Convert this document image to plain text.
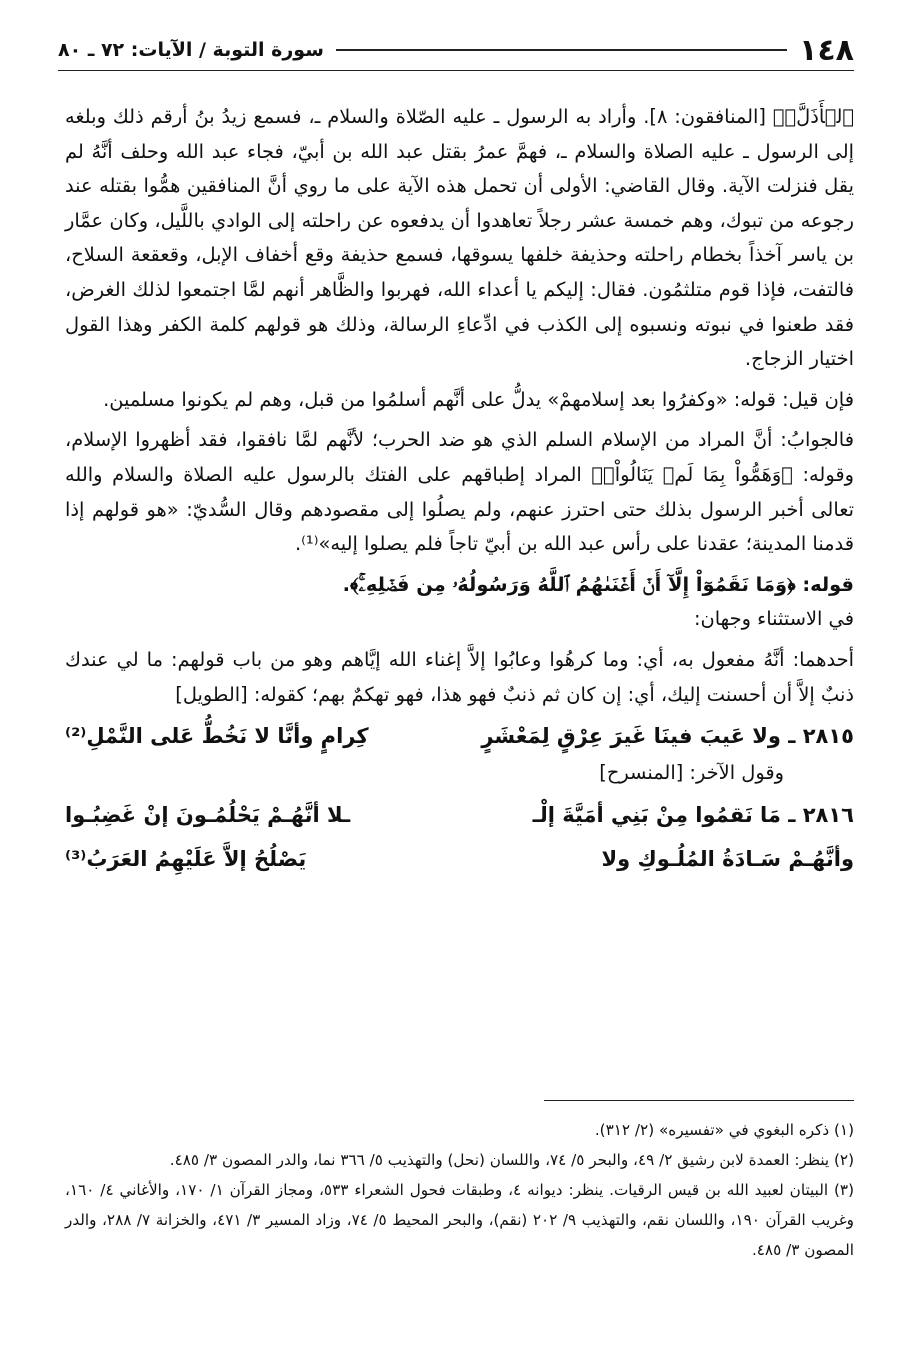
١٤٨
سورة التوبة / الآيات: ٧٢ ـ ٨٠

ٱلۡأَذَلَّۚ﴾ [المنافقون: ٨]. وأراد به الرسول ـ عليه الصّلاة والسلام ـ، فسمع زيدُ بنُ أرقم ذلك وبلغه إلى الرسول ـ عليه الصلاة والسلام ـ، فهمَّ عمرُ بقتل عبد الله بن أبيّ، فجاء عبد الله وحلف أنَّهُ لم يقل فنزلت الآية. وقال القاضي: الأولى أن تحمل هذه الآية على ما روي أنَّ المنافقين همُّوا بقتله عند رجوعه من تبوك، وهم خمسة عشر رجلاً تعاهدوا أن يدفعوه عن راحلته إلى الوادي باللَّيل، وكان عمَّار بن ياسر آخذاً بخطام راحلته وحذيفة خلفها يسوقها، فسمع حذيفة وقع أخفاف الإبل، وقعقعة السلاح، فالتفت، فإذا قوم متلثمُون. فقال: إليكم يا أعداء الله، فهربوا والظَّاهر أنهم لمَّا اجتمعوا لذلك الغرض، فقد طعنوا في نبوته ونسبوه إلى الكذب في ادِّعاءِ الرسالة، وذلك هو قولهم كلمة الكفر وهذا القول اختيار الزجاج.

فإن قيل: قوله: «وكفرُوا بعد إسلامهمْ» يدلُّ على أنَّهم أسلمُوا من قبل، وهم لم يكونوا مسلمين.

فالجوابُ: أنَّ المراد من الإسلام السلم الذي هو ضد الحرب؛ لأنَّهم لمَّا نافقوا، فقد أظهروا الإسلام، وقوله: ﴿وَهَمُّواْ بِمَا لَمۡ يَنَالُواْۚ﴾ المراد إطباقهم على الفتك بالرسول عليه الصلاة والسلام والله تعالى أخبر الرسول بذلك حتى احترز عنهم، ولم يصلُوا إلى مقصودهم وقال السُّديّ: «هو قولهم إذا قدمنا المدينة؛ عقدنا على رأس عبد الله بن أبيّ تاجاً فلم يصلوا إليه»⁽¹⁾.

قوله: ﴿وَمَا نَقَمُوٓاْ إِلَّآ أَنۡ أَغۡنَىٰهُمُ ٱللَّهُ وَرَسُولُهُۥ مِن فَضۡلِهِۦۚ﴾.

في الاستثناء وجهان:

أحدهما: أنَّهُ مفعول به، أي: وما كرهُوا وعابُوا إلاَّ إغناء الله إيَّاهم وهو من باب قولهم: ما لي عندك ذنبٌ إلاَّ أن أحسنت إليك، أي: إن كان ثم ذنبٌ فهو هذا، فهو تهكمٌ بهم؛ كقوله: [الطويل]

٢٨١٥ ـ ولا عَيبَ فينَا غَيرَ عِرْقٍ لِمَعْشَرٍ
كِرامٍ وأنَّا لا نَخُطُّ عَلى النَّمْلِ⁽²⁾

وقول الآخر: [المنسرح]

٢٨١٦ ـ مَا نَقمُوا مِنْ بَنِي أمَيَّةَ إلْـ
ـلا أنَّهُـمْ يَحْلُمُـونَ إنْ غَضِبُـوا
وأنَّهُـمْ سَـادَةُ المُلُـوكِ ولا
يَصْلُحُ إلاَّ عَلَيْهِمُ العَرَبُ⁽³⁾

(١) ذكره البغوي في «تفسيره» (٢/ ٣١٢).

(٢) ينظر: العمدة لابن رشيق ٢/ ٤٩، والبحر ٥/ ٧٤، واللسان (نحل) والتهذيب ٥/ ٣٦٦ نما، والدر المصون ٣/ ٤٨٥.

(٣) البيتان لعبيد الله بن قيس الرقيات. ينظر: ديوانه ٤، وطبقات فحول الشعراء ٥٣٣، ومجاز القرآن ١/ ١٧٠، والأغاني ٤/ ١٦٠، وغريب القرآن ١٩٠، واللسان نقم، والتهذيب ٩/ ٢٠٢ (نقم)، والبحر المحيط ٥/ ٧٤، وزاد المسير ٣/ ٤٧١، والخزانة ٧/ ٢٨٨، والدر المصون ٣/ ٤٨٥.
